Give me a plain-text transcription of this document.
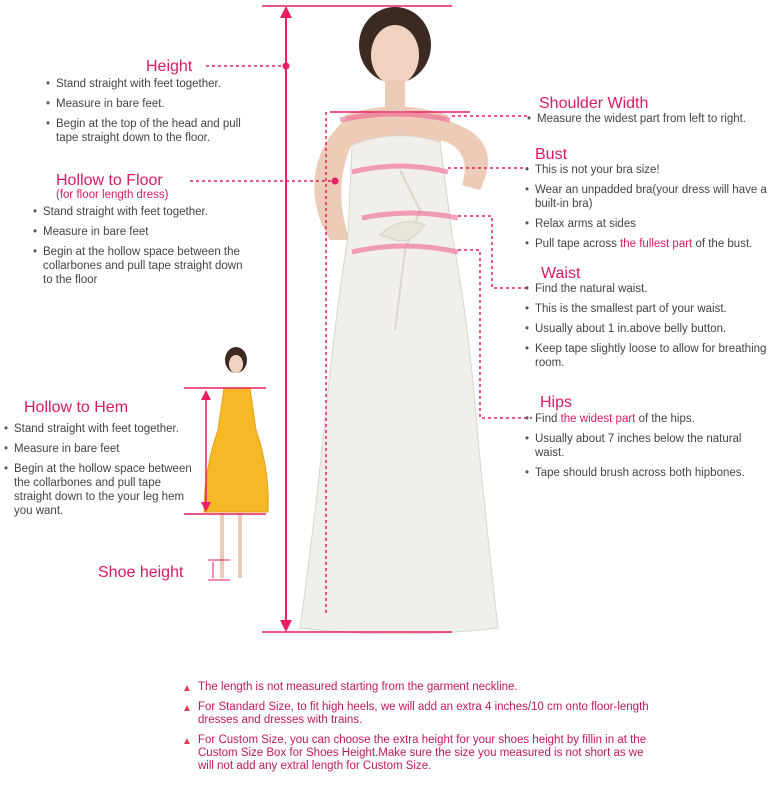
Height
• Stand straight with feet together.
• Measure in bare feet.
• Begin at the top of the head and pull tape straight down to the floor.
Hollow to Floor
(for floor length dress)
• Stand straight with feet together.
• Measure in bare feet
• Begin at the hollow space between the collarbones and pull tape straight down to the floor
Hollow to Hem
• Stand straight with feet together.
• Measure in bare feet
• Begin at the hollow space between the collarbones and pull tape straight down to the your leg hem you want.
Shoe height
Shoulder Width
• Measure the widest part from left to right.
Bust
• This is not your bra size!
• Wear an unpadded bra(your dress will have a built-in bra)
• Relax arms at sides
• Pull tape across the fullest part of the bust.
Waist
• Find the natural waist.
• This is the smallest part of your waist.
• Usually about 1 in.above belly button.
• Keep tape slightly loose to allow for breathing room.
Hips
• Find the widest part of the hips.
• Usually about 7 inches below the natural waist.
• Tape should brush across both hipbones.
▲ The length is not measured starting from the garment neckline.
▲ For Standard Size, to fit high heels, we will add an extra 4 inches/10 cm onto floor-length dresses and dresses with trains.
▲ For Custom Size, you can choose the extra height for your shoes height by fillin in at the Custom Size Box for Shoes Height.Make sure the size you measured is not short as we will not add any extral length for Custom Size.
